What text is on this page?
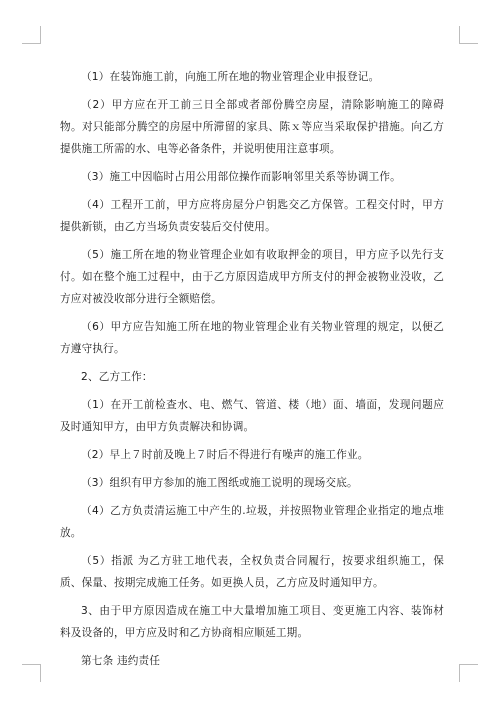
（1）在装饰施工前，向施工所在地的物业管理企业申报登记。

（2）甲方应在开工前三日全部或者部份腾空房屋，清除影响施工的障碍物。对只能部分腾空的房屋中所滞留的家具、陈ｘ等应当采取保护措施。向乙方提供施工所需的水、电等必备条件，并说明使用注意事项。

（3）施工中因临时占用公用部位操作而影响邻里关系等协调工作。

（4）工程开工前，甲方应将房屋分户钥匙交乙方保管。工程交付时，甲方提供新锁，由乙方当场负责安装后交付使用。

（5）施工所在地的物业管理企业如有收取押金的项目，甲方应予以先行支付。如在整个施工过程中，由于乙方原因造成甲方所支付的押金被物业没收，乙方应对被没收部分进行全额赔偿。

（6）甲方应告知施工所在地的物业管理企业有关物业管理的规定，以便乙方遵守执行。

2、乙方工作：

（1）在开工前检查水、电、燃气、管道、楼（地）面、墙面，发现问题应及时通知甲方，由甲方负责解决和协调。

（2）早上７时前及晚上７时后不得进行有噪声的施工作业。

（3）组织有甲方参加的施工图纸或施工说明的现场交底。

（4）乙方负责清运施工中产生的.垃圾，并按照物业管理企业指定的地点堆放。

（5）指派 为乙方驻工地代表，全权负责合同履行，按要求组织施工，保质、保量、按期完成施工任务。如更换人员，乙方应及时通知甲方。

3、由于甲方原因造成在施工中大量增加施工项目、变更施工内容、装饰材料及设备的，甲方应及时和乙方协商相应顺延工期。

第七条 违约责任
